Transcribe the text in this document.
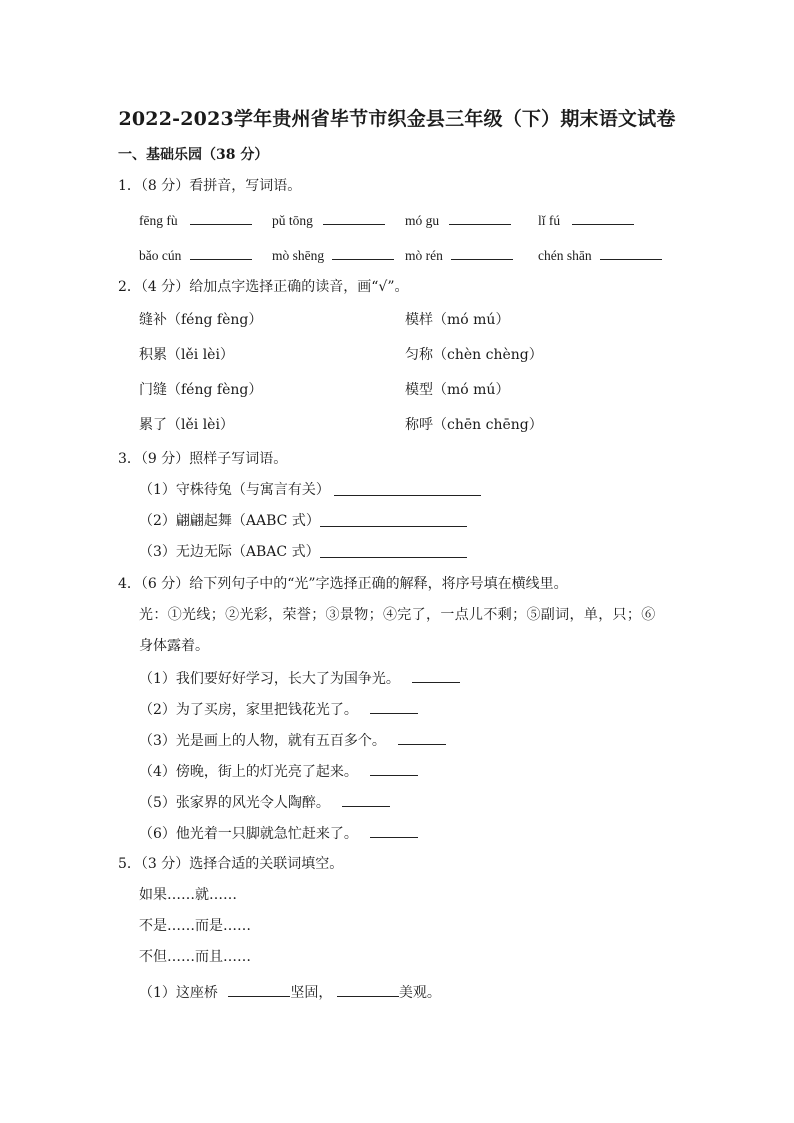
2022-2023学年贵州省毕节市织金县三年级（下）期末语文试卷
一、基础乐园（38 分）
1．（8 分）看拼音，写词语。
fēng fù	pǔ tōng	mó gu	lǐ fú
bǎo cún	mò shēng	mò rén	chén shān
2．（4 分）给加点字选择正确的读音，画“√”。
缝补（féng fèng）	模样（mó mú）
积累（lěi lèi）	匀称（chèn chèng）
门缝（féng fèng）	模型（mó mú）
累了（lěi lèi）	称呼（chēn chēng）
3．（9 分）照样子写词语。
（1）守株待兔（与寓言有关）
（2）翩翩起舞（AABC 式）
（3）无边无际（ABAC 式）
4．（6 分）给下列句子中的“光”字选择正确的解释，将序号填在横线里。
光：①光线；②光彩，荣誉；③景物；④完了，一点儿不剩；⑤副词，单，只；⑥
身体露着。
（1）我们要好好学习，长大了为国争光。
（2）为了买房，家里把钱花光了。
（3）光是画上的人物，就有五百多个。
（4）傍晚，街上的灯光亮了起来。
（5）张家界的风光令人陶醉。
（6）他光着一只脚就急忙赶来了。
5．（3 分）选择合适的关联词填空。
如果……就……
不是……而是……
不但……而且……
（1）这座桥	坚固，	美观。
